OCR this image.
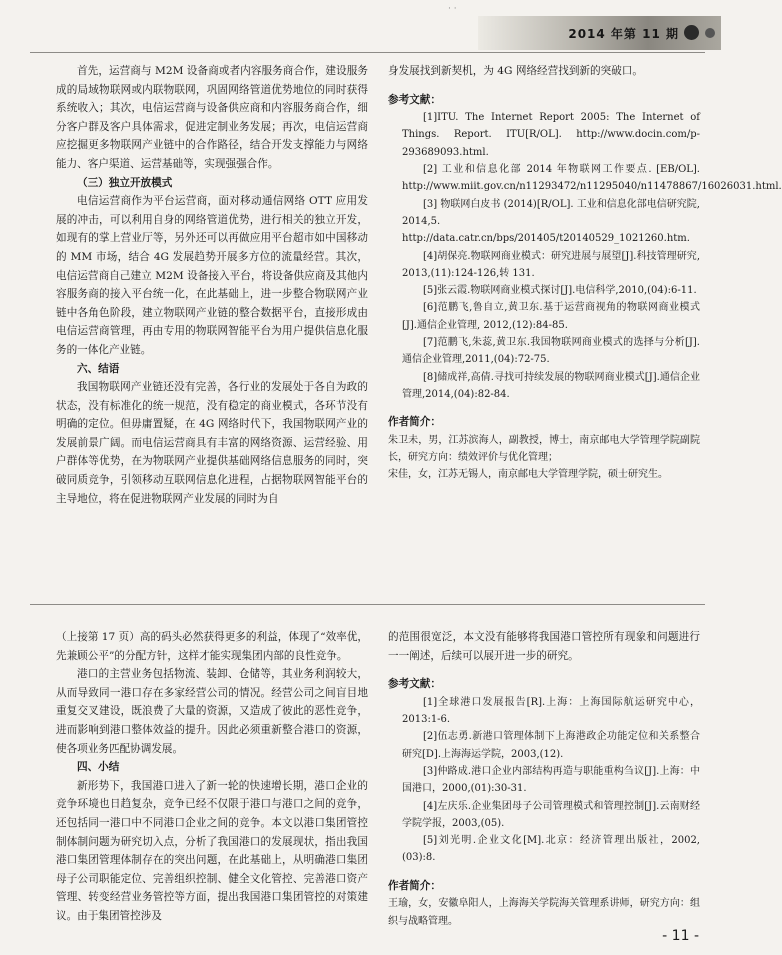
· ·
2014 年第 11 期

首先，运营商与 M2M 设备商或者内容服务商合作，建设服务成的局域物联网或内联物联网，巩固网络管道优势地位的同时获得系统收入；其次，电信运营商与设备供应商和内容服务商合作，细分客户群及客户具体需求，促进定制业务发展；再次，电信运营商应挖掘更多物联网产业链中的合作路径，结合开发支撑能力与网络能力、客户渠道、运营基础等，实现强强合作。

（三）独立开放模式

电信运营商作为平台运营商，面对移动通信网络 OTT 应用发展的冲击，可以利用自身的网络管道优势，进行相关的独立开发，如现有的掌上营业厅等，另外还可以再做应用平台超市如中国移动的 MM 市场，结合 4G 发展趋势开展多方位的流量经营。其次，电信运营商自己建立 M2M 设备接入平台，将设备供应商及其他内容服务商的接入平台统一化，在此基础上，进一步整合物联网产业链中各角色阶段，建立物联网产业链的整合数据平台，直接形成由电信运营商管理，再由专用的物联网智能平台为用户提供信息化服务的一体化产业链。

六、结语

我国物联网产业链还没有完善，各行业的发展处于各自为政的状态，没有标准化的统一规范，没有稳定的商业模式，各环节没有明确的定位。但毋庸置疑，在 4G 网络时代下，我国物联网产业的发展前景广阔。而电信运营商具有丰富的网络资源、运营经验、用户群体等优势，在为物联网产业提供基础网络信息服务的同时，突破同质竞争，引领移动互联网信息化进程，占据物联网智能平台的主导地位，将在促进物联网产业发展的同时为自

身发展找到新契机，为 4G 网络经营找到新的突破口。

参考文献：

[1]ITU. The Internet Report 2005: The Internet of Things. Report. ITU[R/OL]. http://www.docin.com/p-293689093.html.

[2] 工业和信息化部 2014 年物联网工作要点. [EB/OL]. http://www.miit.gov.cn/n11293472/n11295040/n11478867/16026031.html.

[3] 物联网白皮书 (2014)[R/OL]. 工业和信息化部电信研究院, 2014,5. http://data.catr.cn/bps/201405/t20140529_1021260.htm.

[4]胡保亮.物联网商业模式：研究进展与展望[J].科技管理研究, 2013,(11):124-126,转 131.

[5]张云霞.物联网商业模式探讨[J].电信科学,2010,(04):6-11.

[6]范鹏飞,鲁自立,黄卫东.基于运营商视角的物联网商业模式[J].通信企业管理, 2012,(12):84-85.

[7]范鹏飞,朱蕊,黄卫东.我国物联网商业模式的选择与分析[J].通信企业管理,2011,(04):72-75.

[8]储成祥,高倩.寻找可持续发展的物联网商业模式[J].通信企业管理,2014,(04):82-84.

作者简介：

朱卫未，男，江苏滨海人，副教授，博士，南京邮电大学管理学院副院长，研究方向：绩效评价与优化管理；

宋佳，女，江苏无锡人，南京邮电大学管理学院，硕士研究生。

（上接第 17 页）高的码头必然获得更多的利益，体现了“效率优，先兼顾公平”的分配方针，这样才能实现集团内部的良性竞争。

港口的主营业务包括物流、装卸、仓储等，其业务利润较大，从而导致同一港口存在多家经营公司的情况。经营公司之间盲目地重复交叉建设，既浪费了大量的资源，又造成了彼此的恶性竞争，进而影响到港口整体效益的提升。因此必须重新整合港口的资源，使各项业务匹配协调发展。

四、小结

新形势下，我国港口进入了新一轮的快速增长期，港口企业的竞争环境也日趋复杂，竞争已经不仅限于港口与港口之间的竞争，还包括同一港口中不同港口企业之间的竞争。本文以港口集团管控制体制问题为研究切入点，分析了我国港口的发展现状，指出我国港口集团管理体制存在的突出问题，在此基础上，从明确港口集团母子公司职能定位、完善组织控制、健全文化管控、完善港口资产管理、转变经营业务管控等方面，提出我国港口集团管控的对策建议。由于集团管控涉及

的范围很宽泛，本文没有能够将我国港口管控所有现象和问题进行一一阐述，后续可以展开进一步的研究。

参考文献：

[1]全球港口发展报告[R].上海：上海国际航运研究中心，2013:1-6.

[2]伍志勇.新港口管理体制下上海港政企功能定位和关系整合研究[D].上海海运学院，2003,(12).

[3]仲路成.港口企业内部结构再造与职能重构刍议[J].上海：中国港口，2000,(01):30-31.

[4]左庆乐.企业集团母子公司管理模式和管理控制[J].云南财经学院学报，2003,(05).

[5]刘光明.企业文化[M].北京：经济管理出版社，2002,(03):8.

作者简介：

王瑜，女，安徽阜阳人，上海海关学院海关管理系讲师，研究方向：组织与战略管理。

- 11 -
